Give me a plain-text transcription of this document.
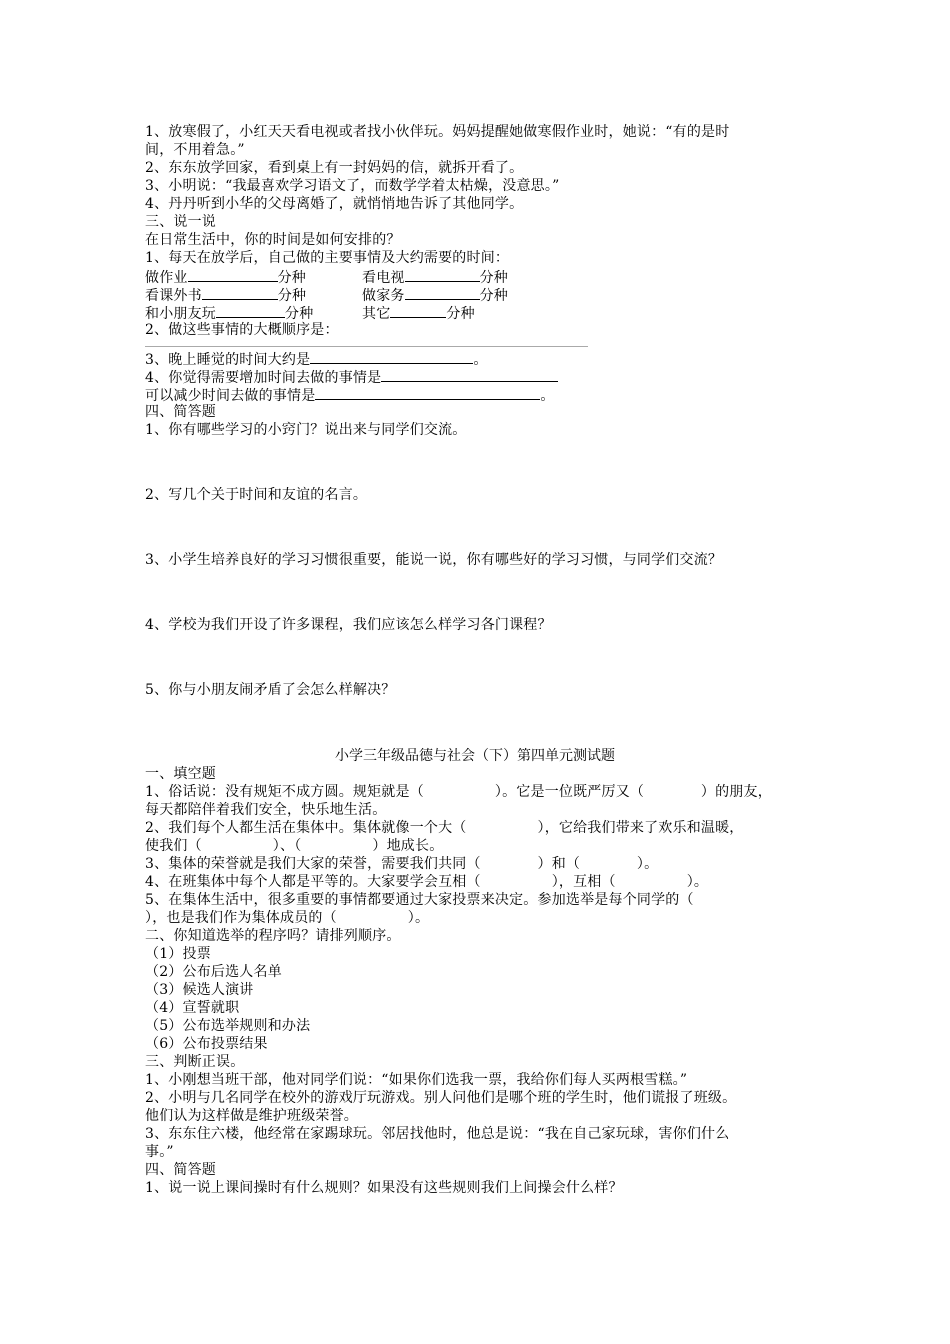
1、放寒假了，小红天天看电视或者找小伙伴玩。妈妈提醒她做寒假作业时，她说：“有的是时
间，不用着急。”
2、东东放学回家，看到桌上有一封妈妈的信，就拆开看了。
3、小明说：“我最喜欢学习语文了，而数学学着太枯燥，没意思。”
4、丹丹听到小华的父母离婚了，就悄悄地告诉了其他同学。
三、说一说
在日常生活中，你的时间是如何安排的？
1、每天在放学后，自己做的主要事情及大约需要的时间：
做作业	分种	看电视	分种
看课外书	分种	做家务	分种
和小朋友玩	分种	其它	分种
2、做这些事情的大概顺序是：
3、晚上睡觉的时间大约是	。
4、你觉得需要增加时间去做的事情是
可以减少时间去做的事情是	。
四、简答题
1、你有哪些学习的小窍门？说出来与同学们交流。
2、写几个关于时间和友谊的名言。
3、小学生培养良好的学习习惯很重要，能说一说，你有哪些好的学习习惯，与同学们交流？
4、学校为我们开设了许多课程，我们应该怎么样学习各门课程？
5、你与小朋友闹矛盾了会怎么样解决？
小学三年级品德与社会（下）第四单元测试题
一、填空题
1、俗话说：没有规矩不成方圆。规矩就是（　　　　　）。它是一位既严厉又（　　　　）的朋友，
每天都陪伴着我们安全，快乐地生活。
2、我们每个人都生活在集体中。集体就像一个大（　　　　　），它给我们带来了欢乐和温暖，
使我们（　　　　　）、（　　　　　）地成长。
3、集体的荣誉就是我们大家的荣誉，需要我们共同（　　　　）和（　　　　）。
4、在班集体中每个人都是平等的。大家要学会互相（　　　　　），互相（　　　　　）。
5、在集体生活中，很多重要的事情都要通过大家投票来决定。参加选举是每个同学的（
），也是我们作为集体成员的（　　　　　）。
二、你知道选举的程序吗？请排列顺序。
（1）投票
（2）公布后选人名单
（3）候选人演讲
（4）宣誓就职
（5）公布选举规则和办法
（6）公布投票结果
三、判断正误。
1、小刚想当班干部，他对同学们说：“如果你们选我一票，我给你们每人买两根雪糕。”
2、小明与几名同学在校外的游戏厅玩游戏。别人问他们是哪个班的学生时，他们谎报了班级。
他们认为这样做是维护班级荣誉。
3、东东住六楼，他经常在家踢球玩。邻居找他时，他总是说：“我在自己家玩球，害你们什么
事。”
四、简答题
1、说一说上课间操时有什么规则？如果没有这些规则我们上间操会什么样？
